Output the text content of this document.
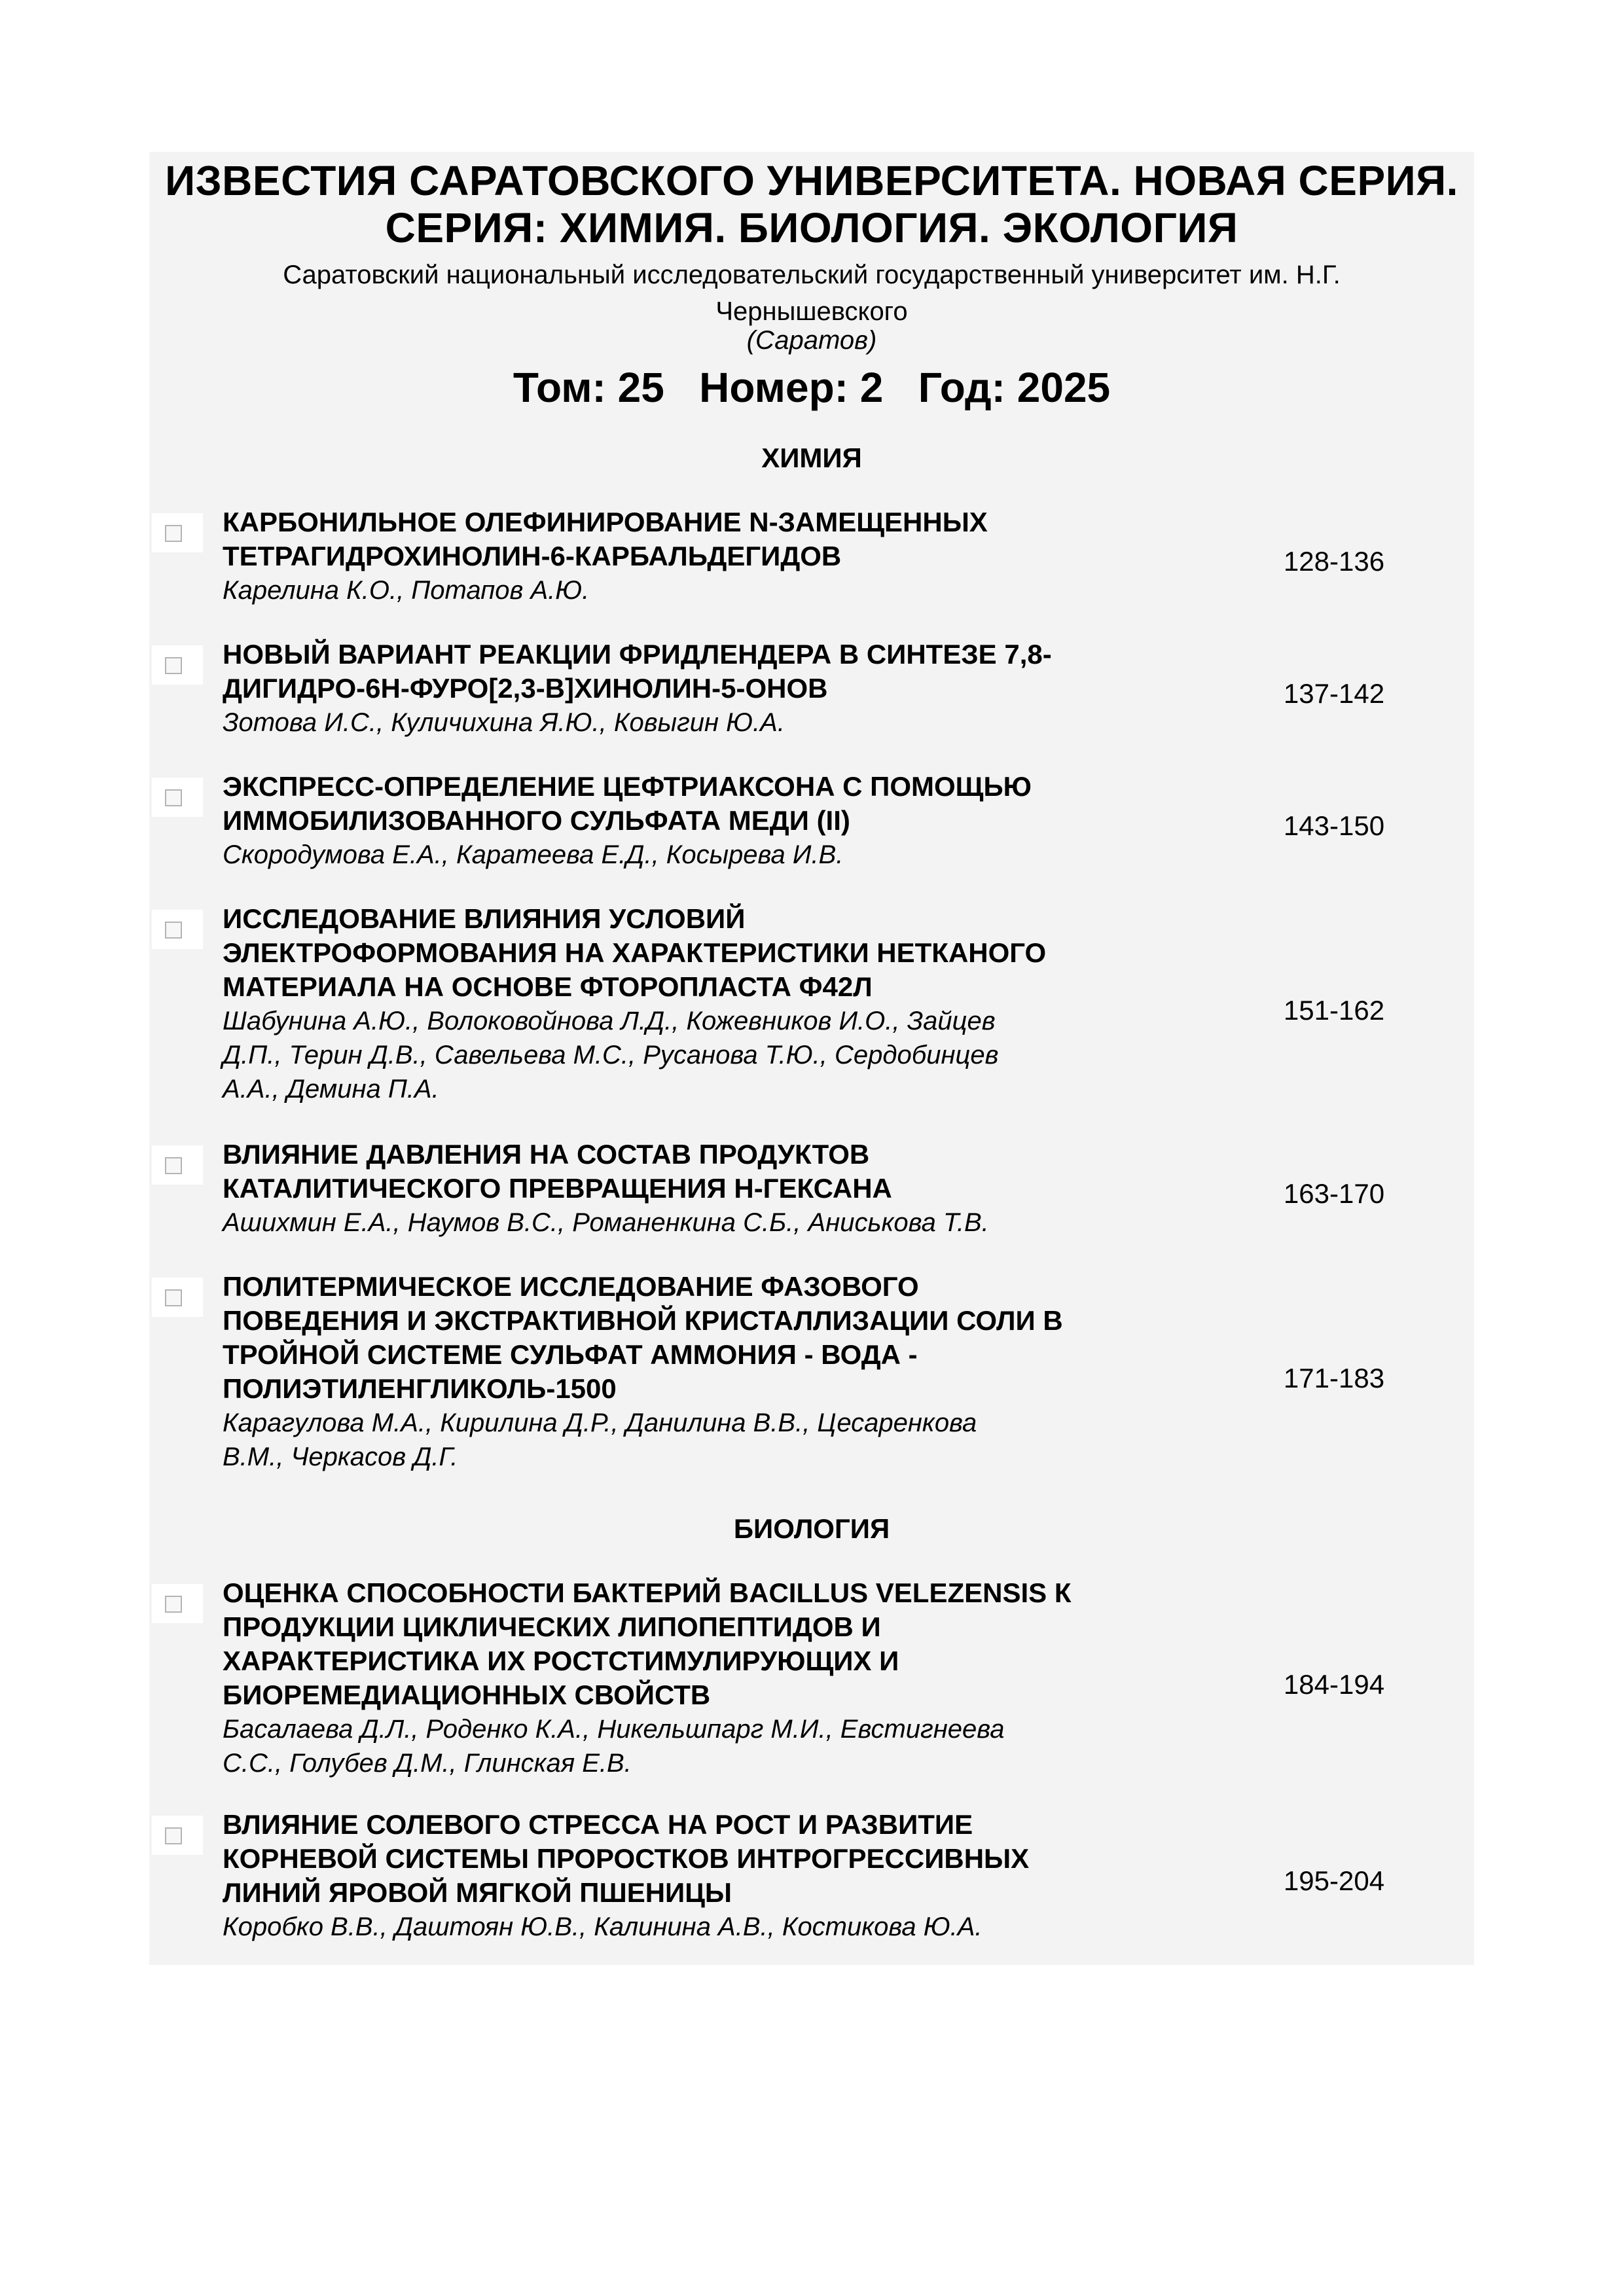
ИЗВЕСТИЯ САРАТОВСКОГО УНИВЕРСИТЕТА. НОВАЯ СЕРИЯ. СЕРИЯ: ХИМИЯ. БИОЛОГИЯ. ЭКОЛОГИЯ
Саратовский национальный исследовательский государственный университет им. Н.Г. Чернышевского
(Саратов)
Том: 25   Номер: 2   Год: 2025
ХИМИЯ
КАРБОНИЛЬНОЕ ОЛЕФИНИРОВАНИЕ N-ЗАМЕЩЕННЫХ
ТЕТРАГИДРОХИНОЛИН-6-КАРБАЛЬДЕГИДОВ
Карелина К.О., Потапов А.Ю.
128-136
НОВЫЙ ВАРИАНТ РЕАКЦИИ ФРИДЛЕНДЕРА В СИНТЕЗЕ 7,8-
ДИГИДРО-6Н-ФУРО[2,3-В]ХИНОЛИН-5-ОНОВ
Зотова И.С., Куличихина Я.Ю., Ковыгин Ю.А.
137-142
ЭКСПРЕСС-ОПРЕДЕЛЕНИЕ ЦЕФТРИАКСОНА С ПОМОЩЬЮ
ИММОБИЛИЗОВАННОГО СУЛЬФАТА МЕДИ (II)
Скородумова Е.А., Каратеева Е.Д., Косырева И.В.
143-150
ИССЛЕДОВАНИЕ ВЛИЯНИЯ УСЛОВИЙ
ЭЛЕКТРОФОРМОВАНИЯ НА ХАРАКТЕРИСТИКИ НЕТКАНОГО
МАТЕРИАЛА НА ОСНОВЕ ФТОРОПЛАСТА Ф42Л
Шабунина А.Ю., Волоковойнова Л.Д., Кожевников И.О., Зайцев
Д.П., Терин Д.В., Савельева М.С., Русанова Т.Ю., Сердобинцев
А.А., Демина П.А.
151-162
ВЛИЯНИЕ ДАВЛЕНИЯ НА СОСТАВ ПРОДУКТОВ
КАТАЛИТИЧЕСКОГО ПРЕВРАЩЕНИЯ Н-ГЕКСАНА
Ашихмин Е.А., Наумов В.С., Романенкина С.Б., Аниськова Т.В.
163-170
ПОЛИТЕРМИЧЕСКОЕ ИССЛЕДОВАНИЕ ФАЗОВОГО
ПОВЕДЕНИЯ И ЭКСТРАКТИВНОЙ КРИСТАЛЛИЗАЦИИ СОЛИ В
ТРОЙНОЙ СИСТЕМЕ СУЛЬФАТ АММОНИЯ - ВОДА -
ПОЛИЭТИЛЕНГЛИКОЛЬ-1500
Карагулова М.А., Кирилина Д.Р., Данилина В.В., Цесаренкова
В.М., Черкасов Д.Г.
171-183
БИОЛОГИЯ
ОЦЕНКА СПОСОБНОСТИ БАКТЕРИЙ BACILLUS VELEZENSIS К
ПРОДУКЦИИ ЦИКЛИЧЕСКИХ ЛИПОПЕПТИДОВ И
ХАРАКТЕРИСТИКА ИХ РОСТСТИМУЛИРУЮЩИХ И
БИОРЕМЕДИАЦИОННЫХ СВОЙСТВ
Басалаева Д.Л., Роденко К.А., Никельшпарг М.И., Евстигнеева
С.С., Голубев Д.М., Глинская Е.В.
184-194
ВЛИЯНИЕ СОЛЕВОГО СТРЕССА НА РОСТ И РАЗВИТИЕ
КОРНЕВОЙ СИСТЕМЫ ПРОРОСТКОВ ИНТРОГРЕССИВНЫХ
ЛИНИЙ ЯРОВОЙ МЯГКОЙ ПШЕНИЦЫ
Коробко В.В., Даштоян Ю.В., Калинина А.В., Костикова Ю.А.
195-204
